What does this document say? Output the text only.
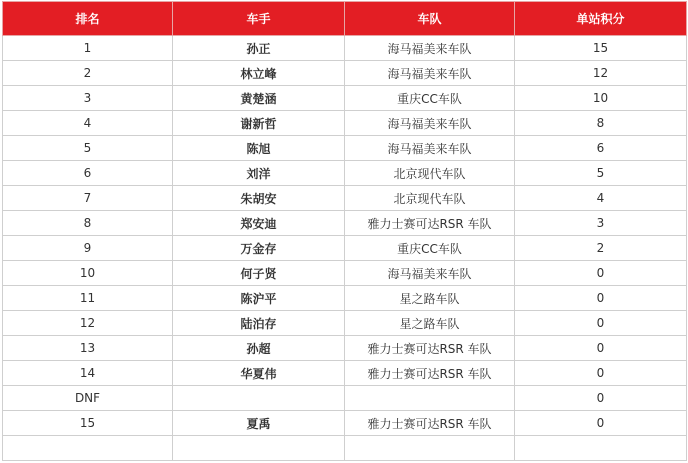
排名	车手	车队	单站积分
1	孙正	海马福美来车队	15
2	林立峰	海马福美来车队	12
3	黄楚涵	重庆CC车队	10
4	谢新哲	海马福美来车队	8
5	陈旭	海马福美来车队	6
6	刘洋	北京现代车队	5
7	朱胡安	北京现代车队	4
8	郑安迪	雅力士赛可达RSR 车队	3
9	万金存	重庆CC车队	2
10	何子贤	海马福美来车队	0
11	陈沪平	星之路车队	0
12	陆泊存	星之路车队	0
13	孙超	雅力士赛可达RSR 车队	0
14	华夏伟	雅力士赛可达RSR 车队	0
DNF			0
15	夏禹	雅力士赛可达RSR 车队	0
